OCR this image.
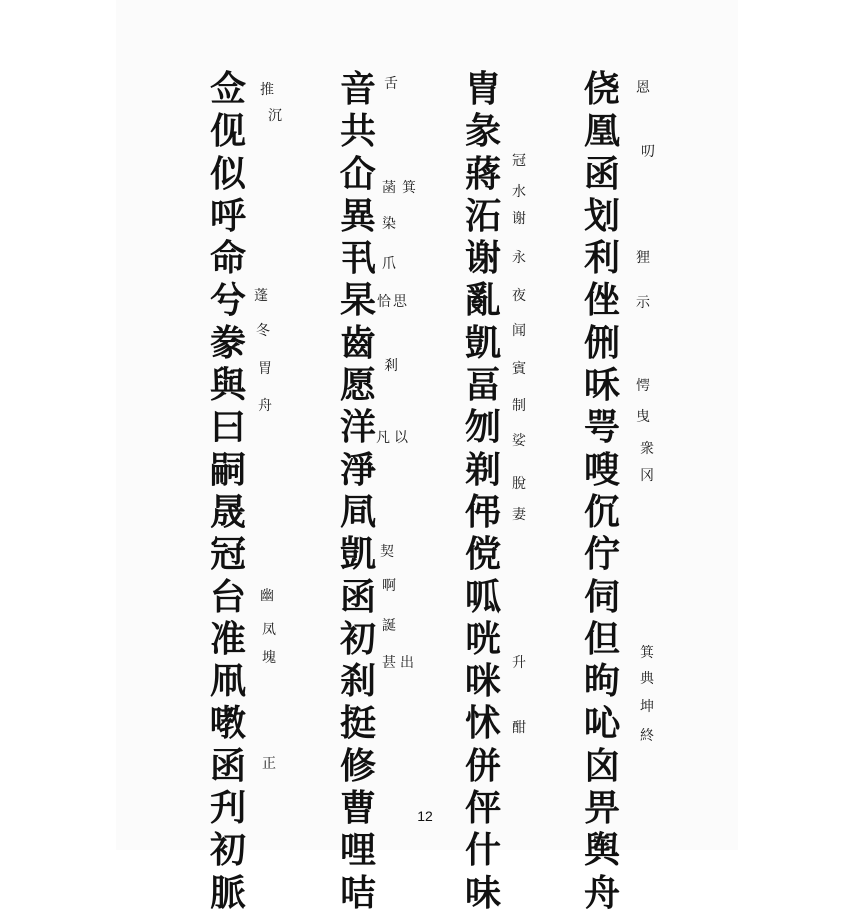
侥
凰
函
划
利
侳
侀
咊
咢
嗖
伔
佇
伺
但
昫
吣
囟
畀
舆
舟
恩
叨
狸
示
愕
曳
衆
冈
箕
典
坤
終
胄
彖
蔣
沰
谢
亂
凱
畐
刎
剃
伄
傥
呱
咣
咪
怵
併
伻
什
味
冠
水
谢
永
夜
闻
賓
制
娑
脫
妻
升
酣
音
共
仚
異
丮
杲
齒
愿
洋
淨
凬
凱
函
初
刹
挺
修
曹
哩
咭
舌
菡 箕
染
爪
恰 思
剎
凡 以
契
啊
誕
甚 出
佥
伣
似
呼
命
兮
豢
與
曰
嗣
晟
冠
台
准
凧
嘋
函
刋
初
脈
推
沉
蓬
冬
胃
舟
幽
凤
塊
正
12
